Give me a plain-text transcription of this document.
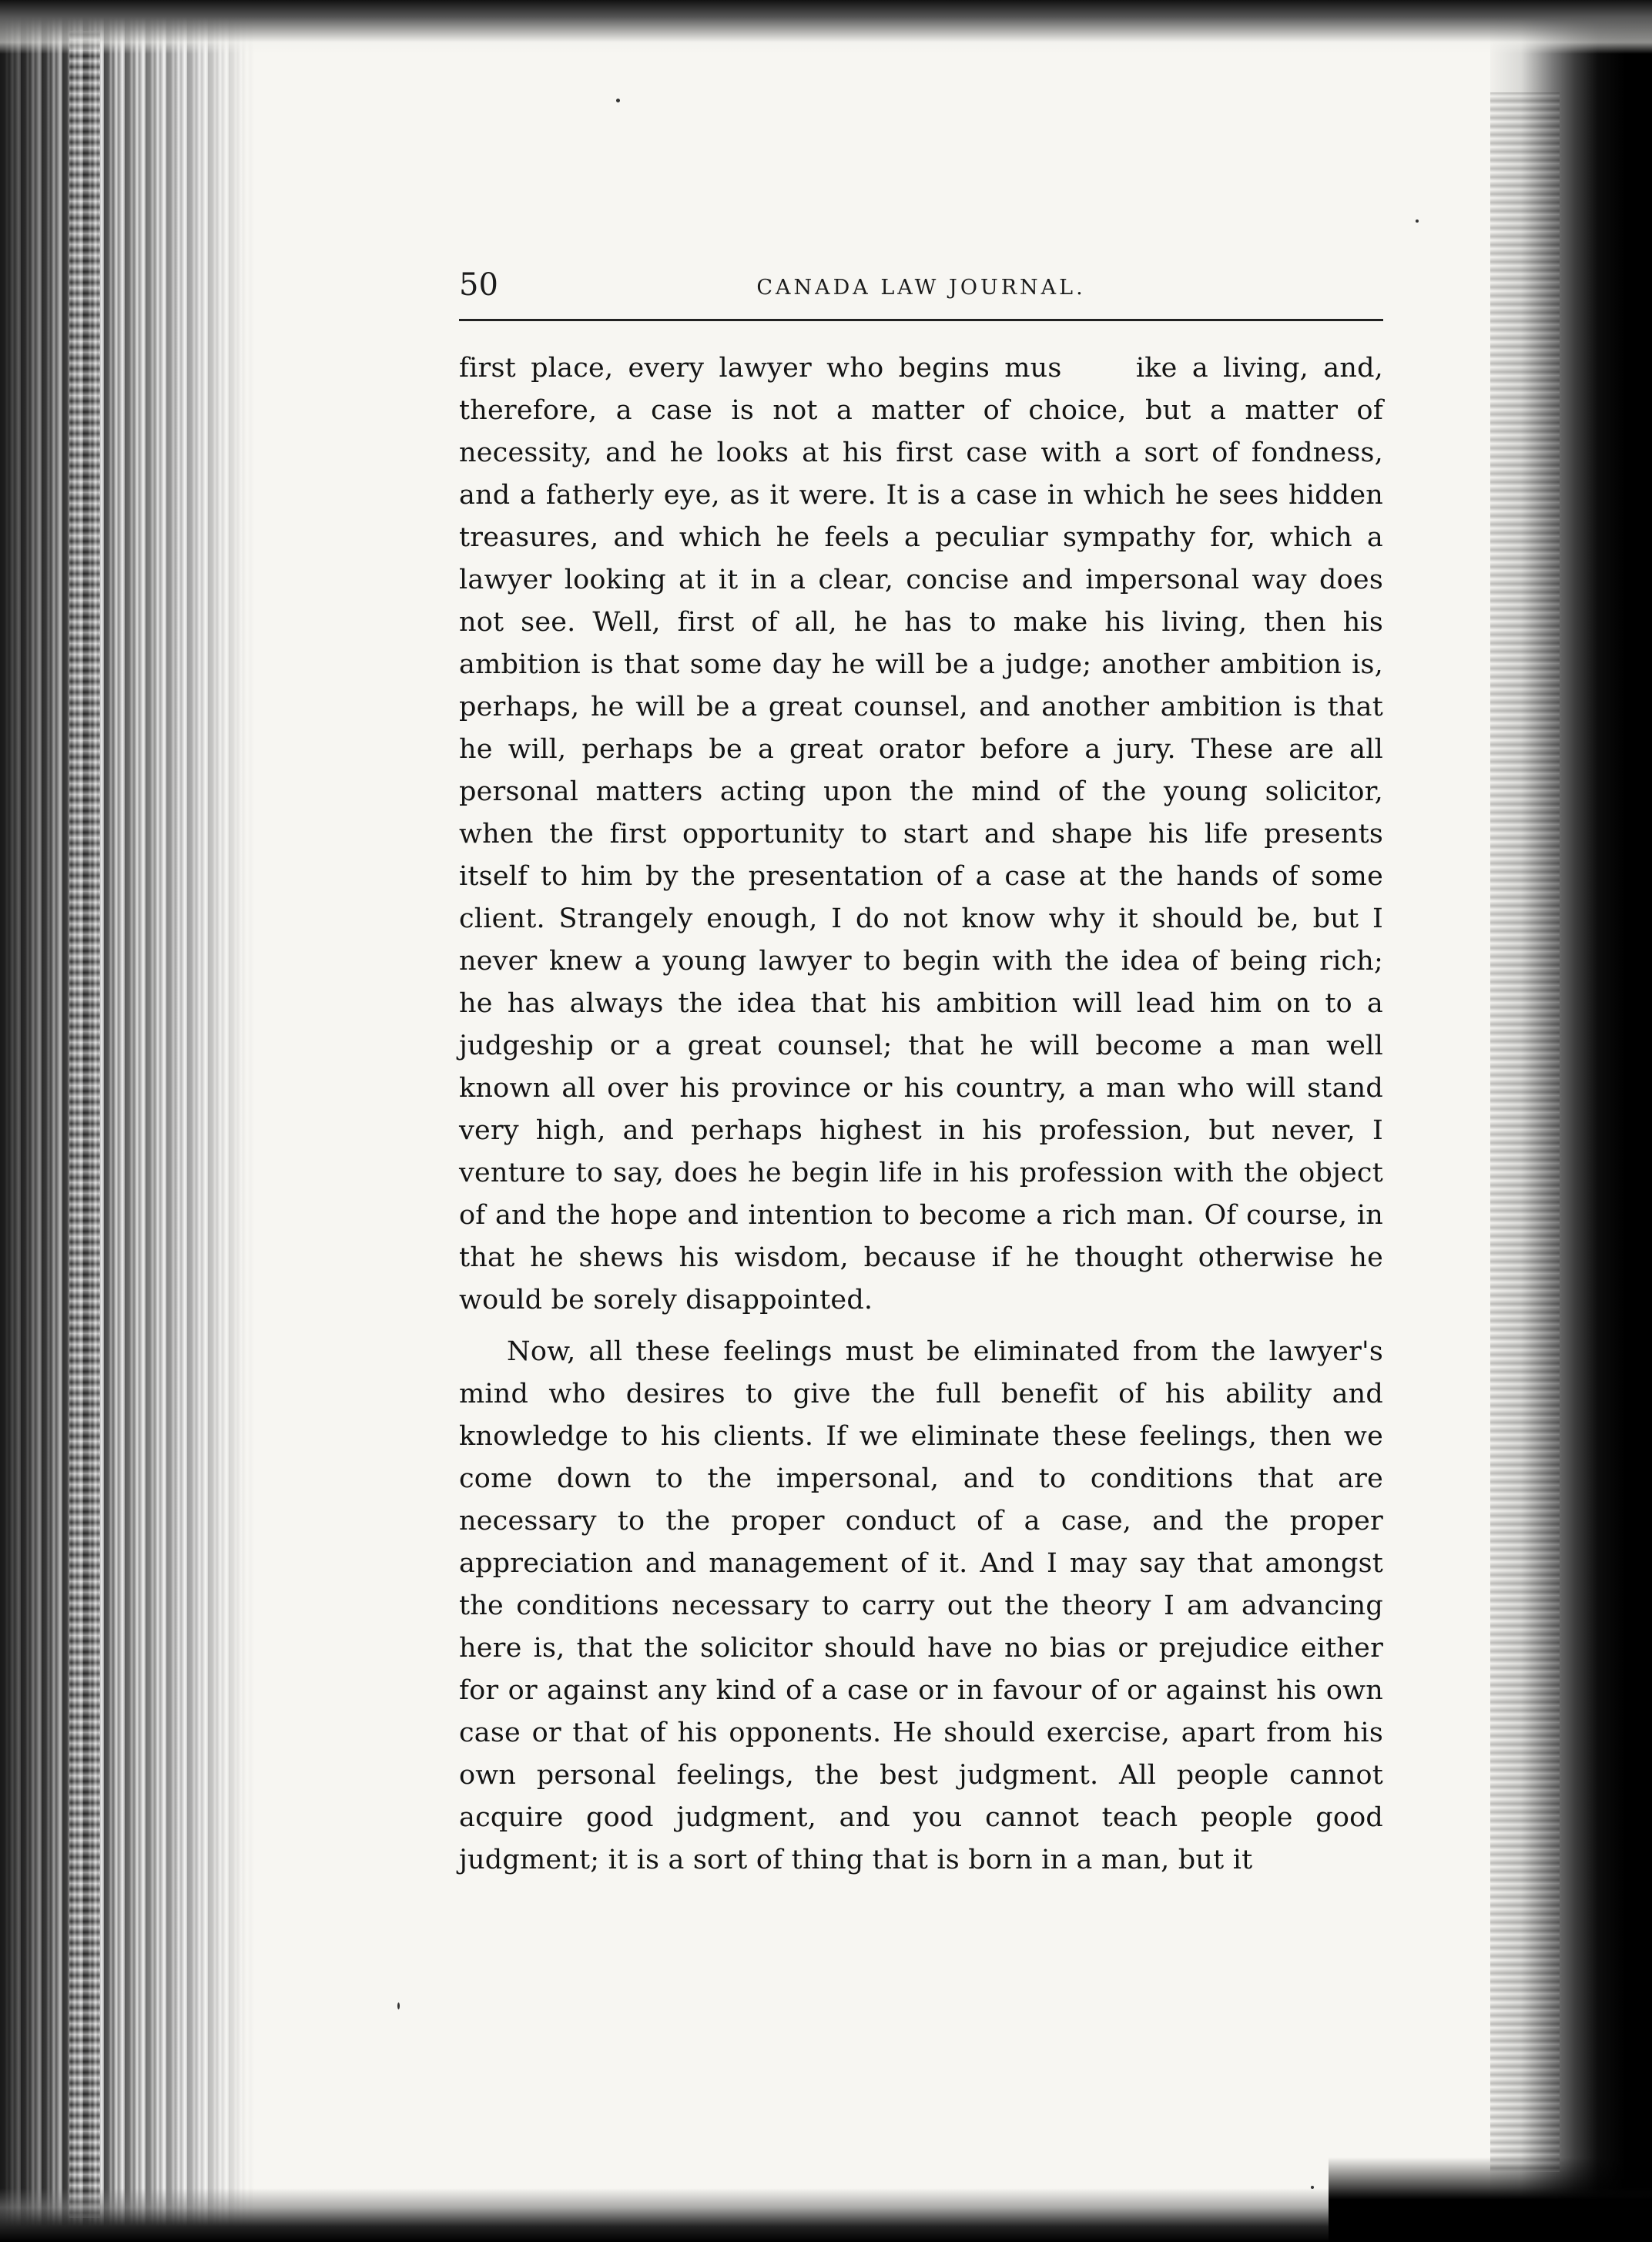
50	CANADA LAW JOURNAL.

first place, every lawyer who begins mus     ike a living, and, therefore, a case is not a matter of choice, but a matter of necessity, and he looks at his first case with a sort of fondness, and a fatherly eye, as it were. It is a case in which he sees hidden treasures, and which he feels a peculiar sympathy for, which a lawyer looking at it in a clear, concise and impersonal way does not see. Well, first of all, he has to make his living, then his ambition is that some day he will be a judge; another ambition is, perhaps, he will be a great counsel, and another ambition is that he will, perhaps be a great orator before a jury. These are all personal matters acting upon the mind of the young solicitor, when the first opportunity to start and shape his life presents itself to him by the presentation of a case at the hands of some client. Strangely enough, I do not know why it should be, but I never knew a young lawyer to begin with the idea of being rich; he has always the idea that his ambition will lead him on to a judgeship or a great counsel; that he will become a man well known all over his province or his country, a man who will stand very high, and perhaps highest in his profession, but never, I venture to say, does he begin life in his profession with the object of and the hope and intention to become a rich man. Of course, in that he shews his wisdom, because if he thought otherwise he would be sorely disappointed.

Now, all these feelings must be eliminated from the lawyer's mind who desires to give the full benefit of his ability and knowledge to his clients. If we eliminate these feelings, then we come down to the impersonal, and to conditions that are necessary to the proper conduct of a case, and the proper appreciation and management of it. And I may say that amongst the conditions necessary to carry out the theory I am advancing here is, that the solicitor should have no bias or prejudice either for or against any kind of a case or in favour of or against his own case or that of his opponents. He should exercise, apart from his own personal feelings, the best judgment. All people cannot acquire good judgment, and you cannot teach people good judgment; it is a sort of thing that is born in a man, but it
